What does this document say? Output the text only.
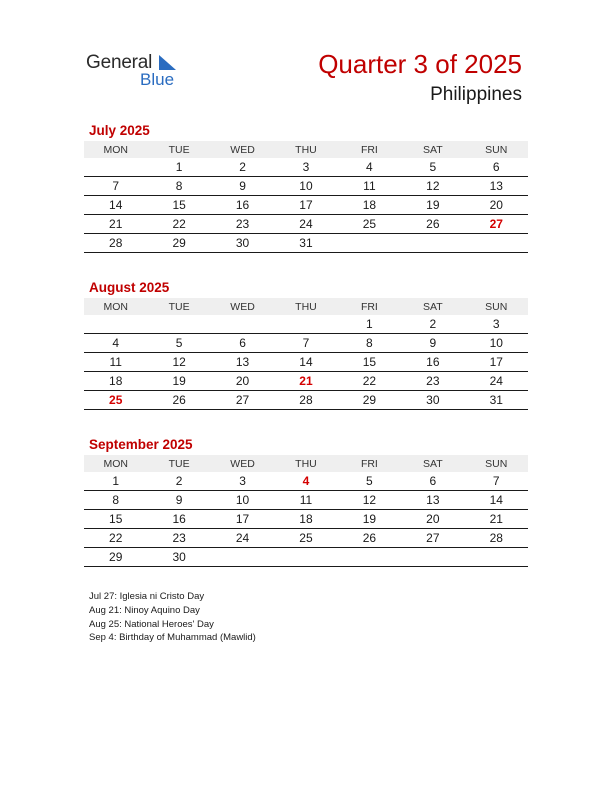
General
Blue
Quarter 3 of 2025
Philippines
July 2025
MON	TUE	WED	THU	FRI	SAT	SUN
	1	2	3	4	5	6
7	8	9	10	11	12	13
14	15	16	17	18	19	20
21	22	23	24	25	26	27
28	29	30	31			
August 2025
MON	TUE	WED	THU	FRI	SAT	SUN
				1	2	3
4	5	6	7	8	9	10
11	12	13	14	15	16	17
18	19	20	21	22	23	24
25	26	27	28	29	30	31
September 2025
MON	TUE	WED	THU	FRI	SAT	SUN
1	2	3	4	5	6	7
8	9	10	11	12	13	14
15	16	17	18	19	20	21
22	23	24	25	26	27	28
29	30					
Jul 27: Iglesia ni Cristo Day
Aug 21: Ninoy Aquino Day
Aug 25: National Heroes' Day
Sep 4: Birthday of Muhammad (Mawlid)
